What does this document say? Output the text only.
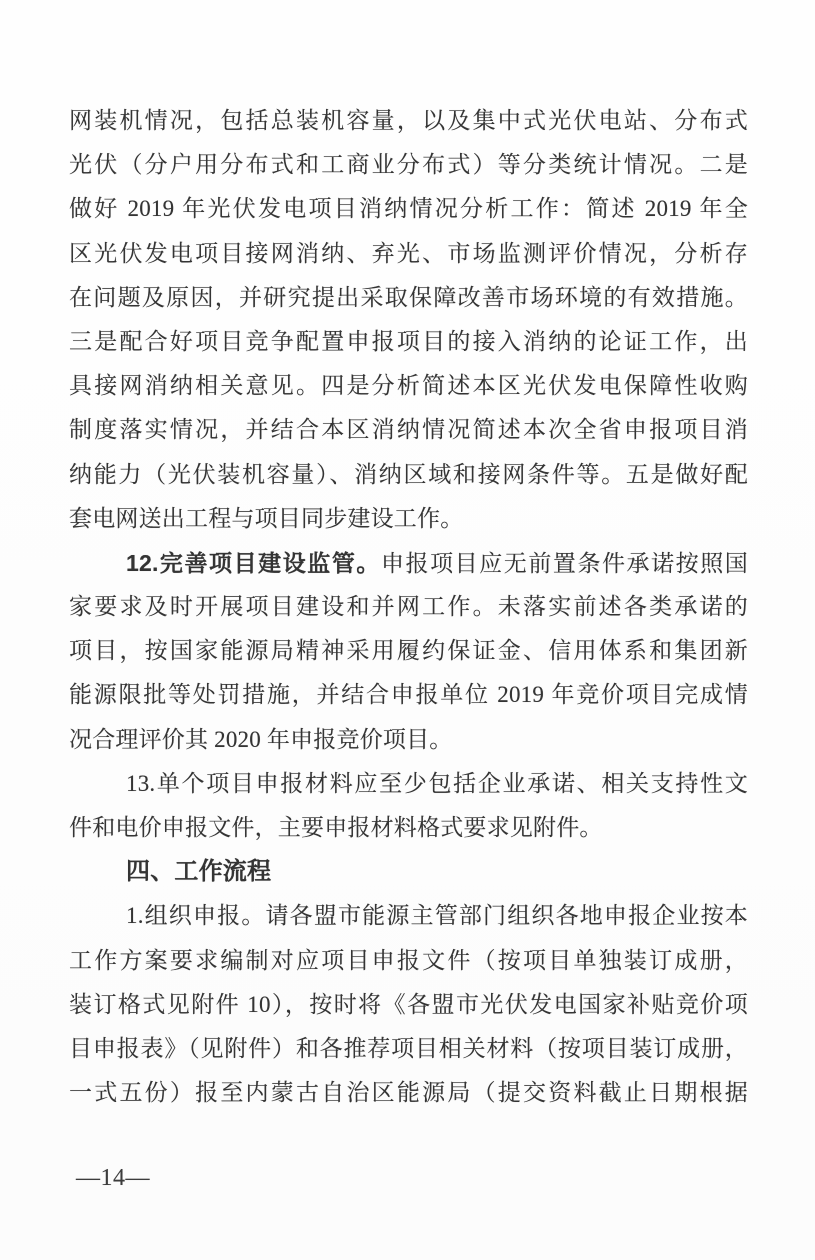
网装机情况，包括总装机容量，以及集中式光伏电站、分布式
光伏（分户用分布式和工商业分布式）等分类统计情况。二是
做好 2019 年光伏发电项目消纳情况分析工作：简述 2019 年全
区光伏发电项目接网消纳、弃光、市场监测评价情况，分析存
在问题及原因，并研究提出采取保障改善市场环境的有效措施。
三是配合好项目竞争配置申报项目的接入消纳的论证工作，出
具接网消纳相关意见。四是分析简述本区光伏发电保障性收购
制度落实情况，并结合本区消纳情况简述本次全省申报项目消
纳能力（光伏装机容量）、消纳区域和接网条件等。五是做好配
套电网送出工程与项目同步建设工作。
12.完善项目建设监管。申报项目应无前置条件承诺按照国
家要求及时开展项目建设和并网工作。未落实前述各类承诺的
项目，按国家能源局精神采用履约保证金、信用体系和集团新
能源限批等处罚措施，并结合申报单位 2019 年竞价项目完成情
况合理评价其 2020 年申报竞价项目。
13.单个项目申报材料应至少包括企业承诺、相关支持性文
件和电价申报文件，主要申报材料格式要求见附件。
四、工作流程
1.组织申报。请各盟市能源主管部门组织各地申报企业按本
工作方案要求编制对应项目申报文件（按项目单独装订成册，
装订格式见附件 10），按时将《各盟市光伏发电国家补贴竞价项
目申报表》（见附件）和各推荐项目相关材料（按项目装订成册，
一式五份）报至内蒙古自治区能源局（提交资料截止日期根据
—14—
